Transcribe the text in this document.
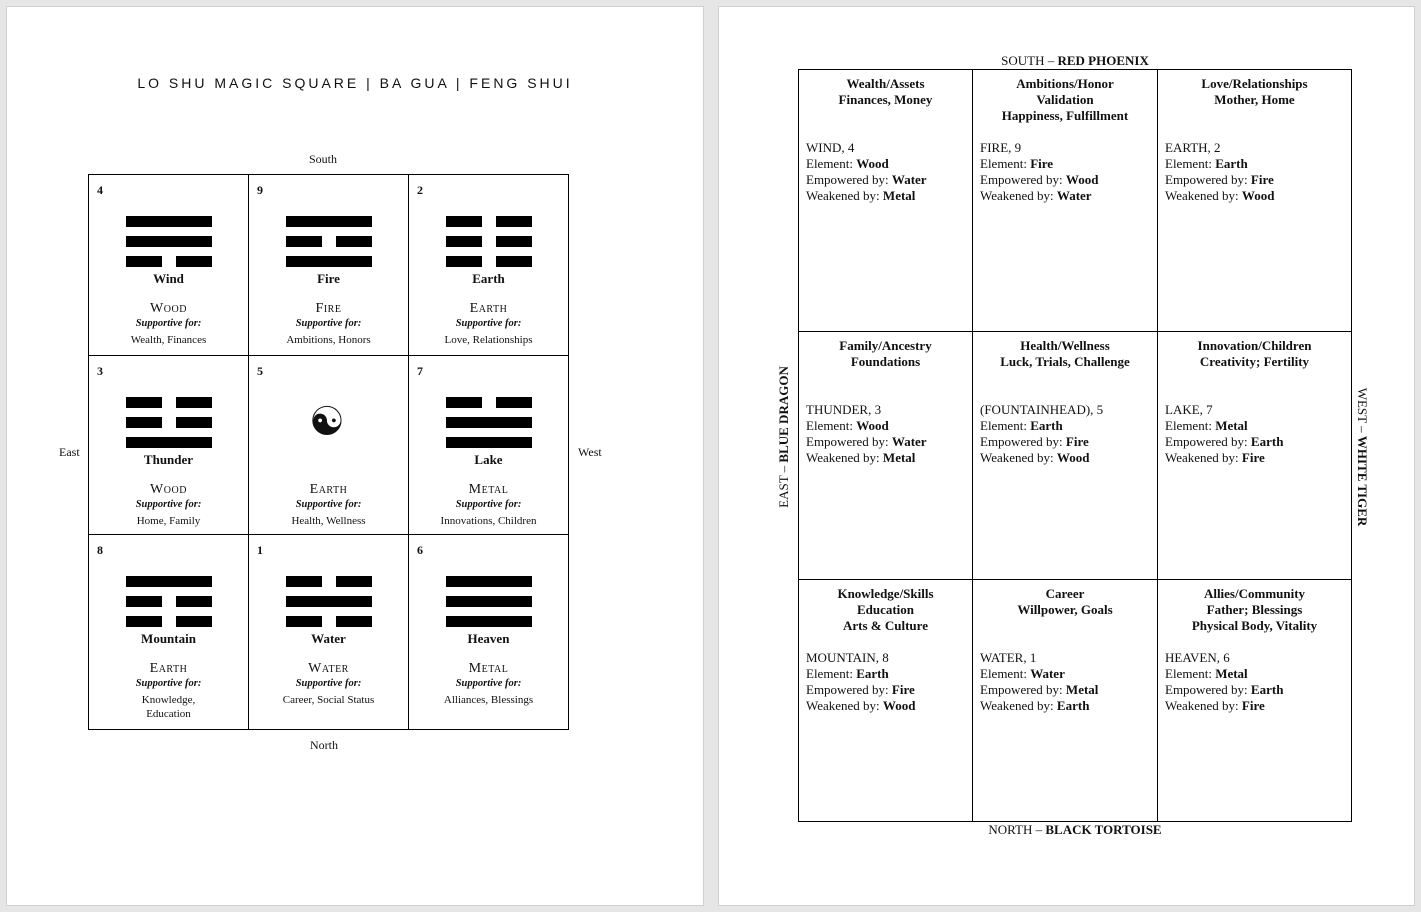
LO SHU MAGIC SQUARE | BA GUA | FENG SHUI
South
North
East	West
4
Wind
Wood
Supportive for:
Wealth, Finances
9
Fire
Fire
Supportive for:
Ambitions, Honors
2
Earth
Earth
Supportive for:
Love, Relationships
3
Thunder
Wood
Supportive for:
Home, Family
5
☯
Earth
Supportive for:
Health, Wellness
7
Lake
Metal
Supportive for:
Innovations, Children
8
Mountain
Earth
Supportive for:
Knowledge,
Education
1
Water
Water
Supportive for:
Career, Social Status
6
Heaven
Metal
Supportive for:
Alliances, Blessings
SOUTH – RED PHOENIX
NORTH – BLACK TORTOISE
EAST – BLUE DRAGON	WEST – WHITE TIGER
Wealth/Assets
Finances, Money
WIND, 4
Element: Wood
Empowered by: Water
Weakened by: Metal
Ambitions/Honor
Validation
Happiness, Fulfillment
FIRE, 9
Element: Fire
Empowered by: Wood
Weakened by: Water
Love/Relationships
Mother, Home
EARTH, 2
Element: Earth
Empowered by: Fire
Weakened by: Wood
Family/Ancestry
Foundations
THUNDER, 3
Element: Wood
Empowered by: Water
Weakened by: Metal
Health/Wellness
Luck, Trials, Challenge
(FOUNTAINHEAD), 5
Element: Earth
Empowered by: Fire
Weakened by: Wood
Innovation/Children
Creativity; Fertility
LAKE, 7
Element: Metal
Empowered by: Earth
Weakened by: Fire
Knowledge/Skills
Education
Arts & Culture
MOUNTAIN, 8
Element: Earth
Empowered by: Fire
Weakened by: Wood
Career
Willpower, Goals
WATER, 1
Element: Water
Empowered by: Metal
Weakened by: Earth
Allies/Community
Father; Blessings
Physical Body, Vitality
HEAVEN, 6
Element: Metal
Empowered by: Earth
Weakened by: Fire
